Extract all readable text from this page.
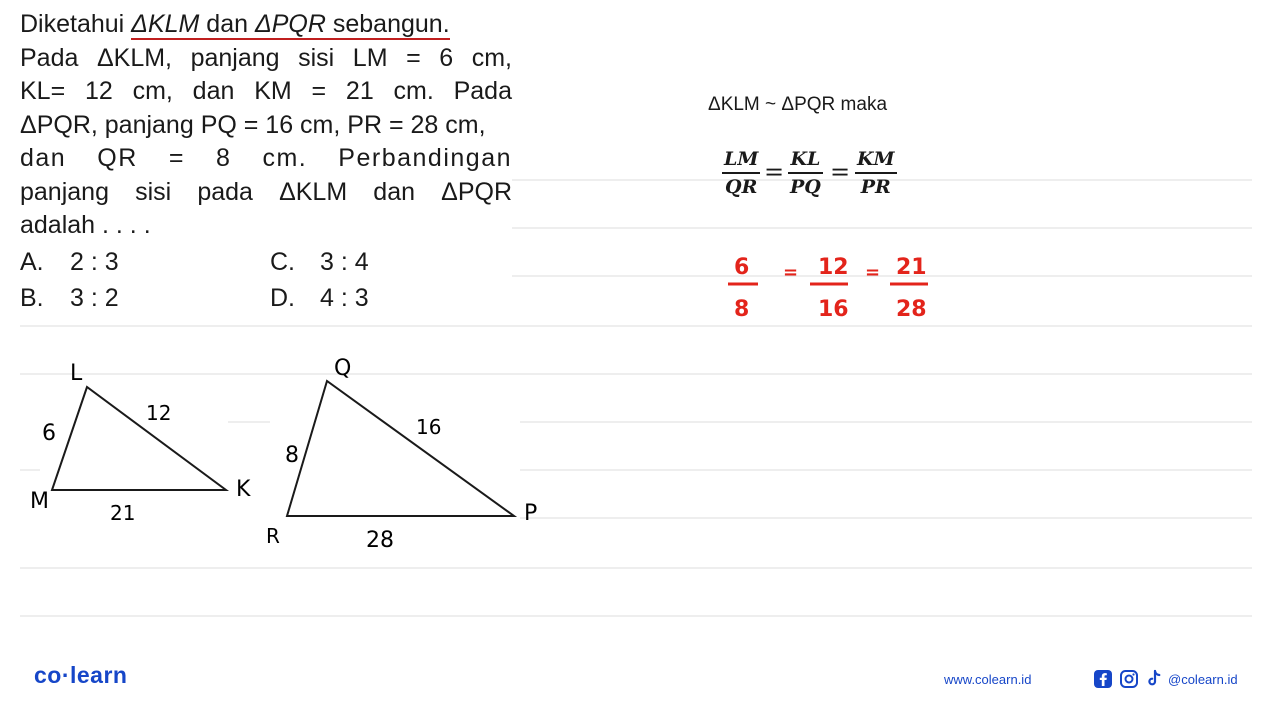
Diketahui ΔKLM dan ΔPQR sebangun.
Pada ΔKLM, panjang sisi LM = 6 cm,
KL= 12 cm, dan KM = 21 cm. Pada
ΔPQR, panjang PQ = 16 cm, PR = 28 cm,
dan QR = 8 cm. Perbandingan
panjang sisi pada ΔKLM dan ΔPQR
adalah . . . .
A. 2 : 3	C. 3 : 4
B. 3 : 2	D. 4 : 3
L
M	K
6
12
21
Q
R
P
8
16
28
ΔKLM ~ ΔPQR maka
LM
QR
= KL
PQ
= KM
PR
6
8
= 12
16
= 21
28
co·learn	www.colearn.id	@colearn.id
